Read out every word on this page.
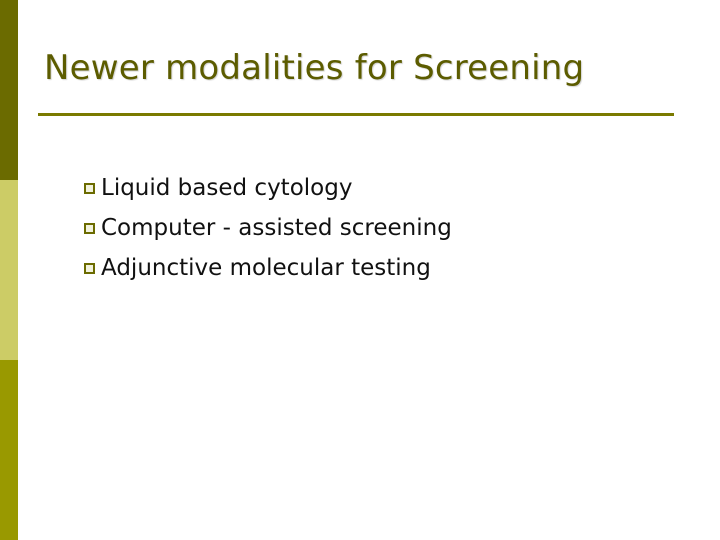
Newer modalities for Screening
Liquid based cytology
Computer - assisted screening
Adjunctive molecular testing
